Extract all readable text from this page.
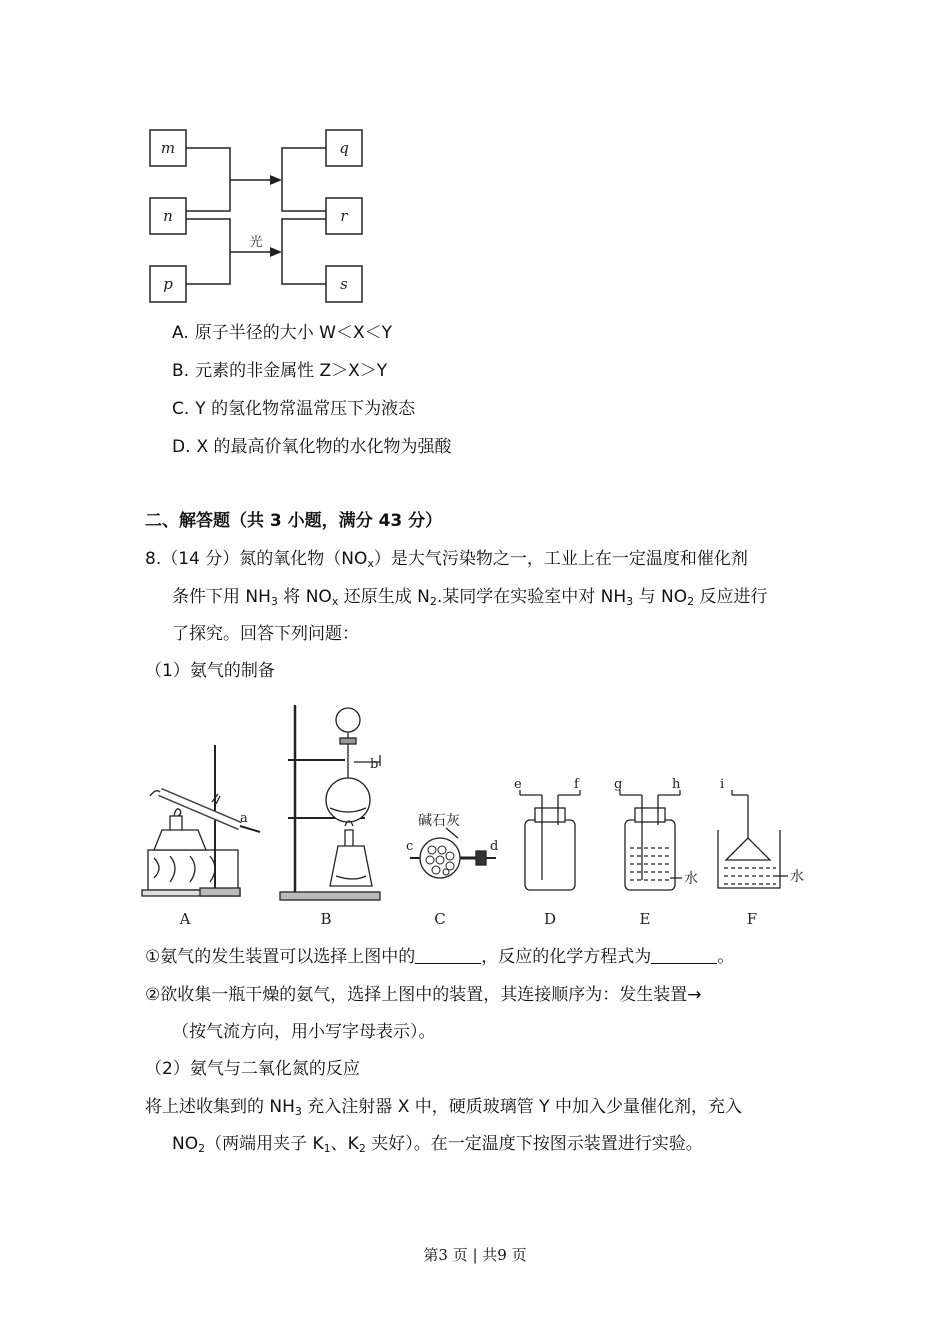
m
n
p
q
r
s
光
A. 原子半径的大小 W＜X＜Y
B. 元素的非金属性 Z＞X＞Y
C. Y 的氢化物常温常压下为液态
D. X 的最高价氧化物的水化物为强酸
二、解答题（共 3 小题，满分 43 分）
8.（14 分）氮的氧化物$(NO_x)$是大气污染物之一，工业上在一定温度和催化剂
条件下用 $NH_3$ 将 $NO_x$ 还原生成 $N_2$.某同学在实验室中对 $NH_3$ 与 $NO_2$ 反应进行
了探究。回答下列问题：
（1）氨气的制备
a
b
c	d
e	f	g	h	i
碱石灰
水	水
A	B	C	D	E	F
①氨气的发生装置可以选择上图中的	，反应的化学方程式为	。
②欲收集一瓶干燥的氨气，选择上图中的装置，其连接顺序为：发生装置→
（按气流方向，用小写字母表示）。
（2）氨气与二氧化氮的反应
将上述收集到的 $NH_3$ 充入注射器 X 中，硬质玻璃管 Y 中加入少量催化剂，充入
$NO_2$（两端用夹子 $K_1$、$K_2$ 夹好）。在一定温度下按图示装置进行实验。
第3 页 | 共9 页
